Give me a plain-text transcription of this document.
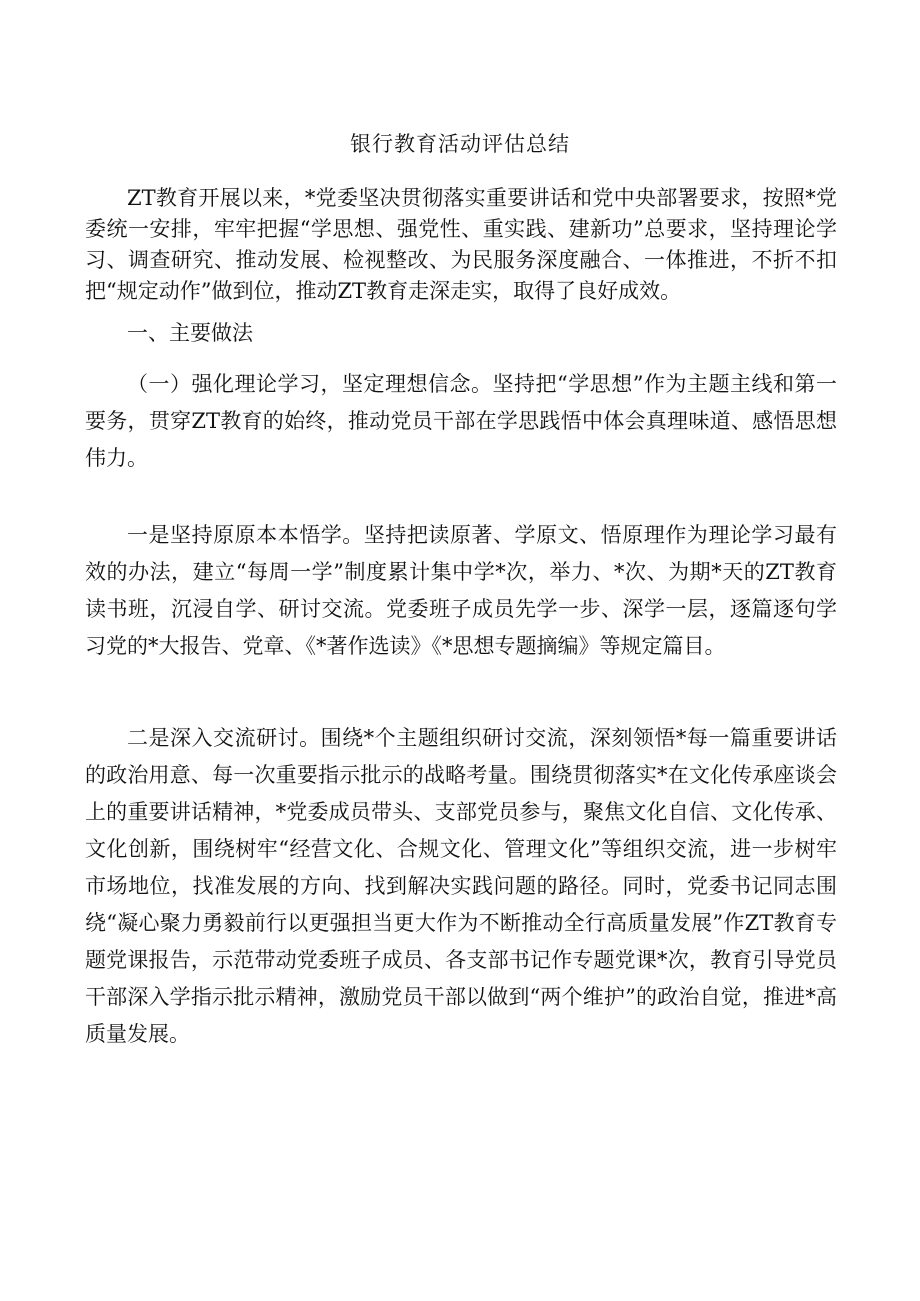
银行教育活动评估总结

ZT教育开展以来，*党委坚决贯彻落实重要讲话和党中央部署要求，按照*党委统一安排，牢牢把握“学思想、强党性、重实践、建新功”总要求，坚持理论学习、调查研究、推动发展、检视整改、为民服务深度融合、一体推进，不折不扣把“规定动作”做到位，推动ZT教育走深走实，取得了良好成效。

一、主要做法

（一）强化理论学习，坚定理想信念。坚持把“学思想”作为主题主线和第一要务，贯穿ZT教育的始终，推动党员干部在学思践悟中体会真理味道、感悟思想伟力。

一是坚持原原本本悟学。坚持把读原著、学原文、悟原理作为理论学习最有效的办法，建立“每周一学”制度累计集中学*次，举力、*次、为期*天的ZT教育读书班，沉浸自学、研讨交流。党委班子成员先学一步、深学一层，逐篇逐句学习党的*大报告、党章、《*著作选读》《*思想专题摘编》等规定篇目。

二是深入交流研讨。围绕*个主题组织研讨交流，深刻领悟*每一篇重要讲话的政治用意、每一次重要指示批示的战略考量。围绕贯彻落实*在文化传承座谈会上的重要讲话精神，*党委成员带头、支部党员参与，聚焦文化自信、文化传承、文化创新，围绕树牢“经营文化、合规文化、管理文化”等组织交流，进一步树牢市场地位，找准发展的方向、找到解决实践问题的路径。同时，党委书记同志围绕“凝心聚力勇毅前行以更强担当更大作为不断推动全行高质量发展”作ZT教育专题党课报告，示范带动党委班子成员、各支部书记作专题党课*次，教育引导党员干部深入学指示批示精神，激励党员干部以做到“两个维护”的政治自觉，推进*高质量发展。
